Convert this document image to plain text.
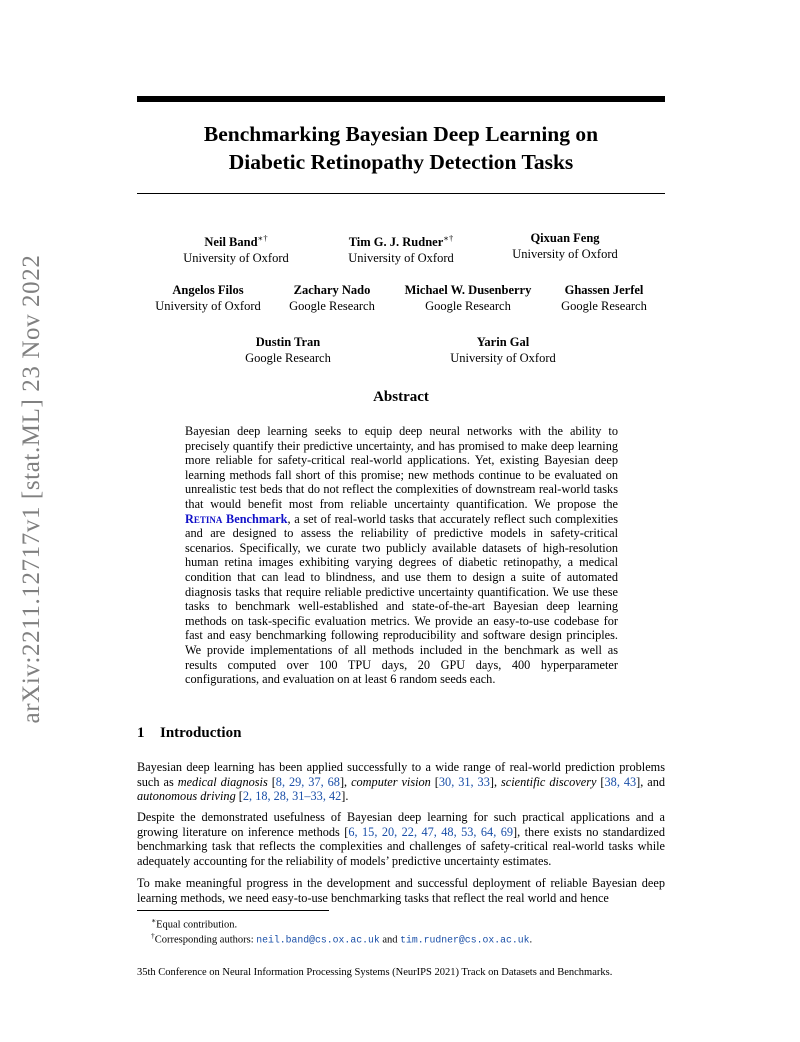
arXiv:2211.12717v1 [stat.ML] 23 Nov 2022
Benchmarking Bayesian Deep Learning on
Diabetic Retinopathy Detection Tasks
Neil Band∗†
University of Oxford
Tim G. J. Rudner∗†
University of Oxford
Qixuan Feng
University of Oxford
Angelos Filos
University of Oxford
Zachary Nado
Google Research
Michael W. Dusenberry
Google Research
Ghassen Jerfel
Google Research
Dustin Tran
Google Research
Yarin Gal
University of Oxford
Abstract
Bayesian deep learning seeks to equip deep neural networks with the ability to precisely quantify their predictive uncertainty, and has promised to make deep learning more reliable for safety-critical real-world applications. Yet, existing Bayesian deep learning methods fall short of this promise; new methods continue to be evaluated on unrealistic test beds that do not reflect the complexities of downstream real-world tasks that would benefit most from reliable uncertainty quantification. We propose the Retina Benchmark, a set of real-world tasks that accurately reflect such complexities and are designed to assess the reliability of predictive models in safety-critical scenarios. Specifically, we curate two publicly available datasets of high-resolution human retina images exhibiting varying degrees of diabetic retinopathy, a medical condition that can lead to blindness, and use them to design a suite of automated diagnosis tasks that require reliable predictive uncertainty quantification. We use these tasks to benchmark well-established and state-of-the-art Bayesian deep learning methods on task-specific evaluation metrics. We provide an easy-to-use codebase for fast and easy benchmarking following reproducibility and software design principles. We provide implementations of all methods included in the benchmark as well as results computed over 100 TPU days, 20 GPU days, 400 hyperparameter configurations, and evaluation on at least 6 random seeds each.
1 Introduction
Bayesian deep learning has been applied successfully to a wide range of real-world prediction problems such as medical diagnosis [8, 29, 37, 68], computer vision [30, 31, 33], scientific discovery [38, 43], and autonomous driving [2, 18, 28, 31–33, 42].
Despite the demonstrated usefulness of Bayesian deep learning for such practical applications and a growing literature on inference methods [6, 15, 20, 22, 47, 48, 53, 64, 69], there exists no standardized benchmarking task that reflects the complexities and challenges of safety-critical real-world tasks while adequately accounting for the reliability of models’ predictive uncertainty estimates.
To make meaningful progress in the development and successful deployment of reliable Bayesian deep learning methods, we need easy-to-use benchmarking tasks that reflect the real world and hence
∗Equal contribution.
†Corresponding authors: neil.band@cs.ox.ac.uk and tim.rudner@cs.ox.ac.uk.
35th Conference on Neural Information Processing Systems (NeurIPS 2021) Track on Datasets and Benchmarks.
